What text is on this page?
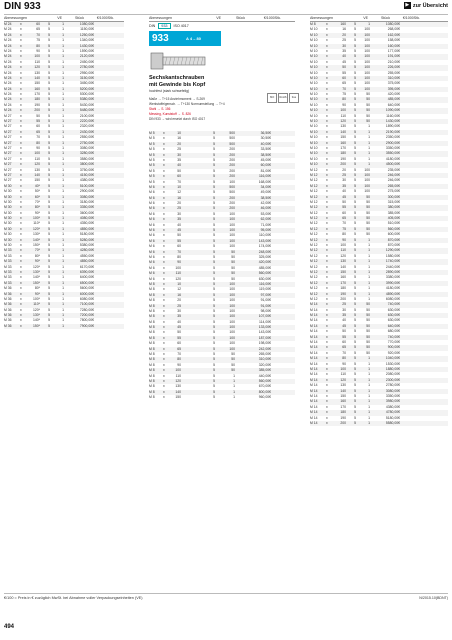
DIN 933	▶ zur Übersicht
Abmessungen	VE	Stück	€/1000Stk.
M 24	x	60	5	1	1080,00€
M 24	x	65	5	1	1150,00€
M 24	x	70	5	1	1250,00€
M 24	x	75	5	1	1340,00€
M 24	x	80	5	1	1430,00€
M 24	x	90	5	1	1590,00€
M 24	x	100	5	1	2120,00€
M 24	x	110	5	1	2450,00€
M 24	x	120	5	1	2780,00€
M 24	x	130	5	1	2950,00€
M 24	x	140	5	1	3150,00€
M 24	x	150	5	1	3450,00€
M 24	x	160	5	1	5200,00€
M 24	x	170	5	1	5300,00€
M 24	x	180	5	1	5380,00€
M 24	x	190	5	1	5430,00€
M 24	x	200	5	1	5480,00€
M 27	x	50	5	1	2100,00€
M 27	x	55	5	1	2220,00€
M 27	x	60	5	1	2320,00€
M 27	x	65	5	1	2430,00€
M 27	x	70	5	1	2550,00€
M 27	x	80	5	1	2750,00€
M 27	x	90	5	1	3080,00€
M 27	x	100	5	1	3280,00€
M 27	x	110	5	1	3580,00€
M 27	x	120	5	1	3800,00€
M 27	x	130	5	1	3750,00€
M 27	x	140	5	1	4150,00€
M 27	x	150	5	1	4380,00€
M 30	x	40*	5	1	5100,00€
M 30	x	50*	5	1	2900,00€
M 30	x	60*	5	1	3080,00€
M 30	x	70*	5	1	3180,00€
M 30	x	80*	5	1	3350,00€
M 30	x	90*	5	1	3600,00€
M 30	x	100*	5	1	4080,00€
M 30	x	110*	5	1	4350,00€
M 30	x	120*	5	1	4850,00€
M 30	x	130*	5	1	5180,00€
M 30	x	140*	5	1	5280,00€
M 30	x	150*	5	1	5380,00€
M 33	x	70*	5	1	4280,00€
M 33	x	80*	5	1	4550,00€
M 33	x	90*	5	1	4850,00€
M 33	x	120*	5	1	6170,00€
M 33	x	130*	5	1	6390,00€
M 33	x	140*	5	1	6400,00€
M 33	x	150*	5	1	6500,00€
M 36	x	80*	5	1	5600,00€
M 36	x	90*	5	1	6000,00€
M 36	x	100*	5	1	6080,00€
M 36	x	110*	5	1	7100,00€
M 36	x	120*	5	1	7280,00€
M 36	x	130*	5	1	7200,00€
M 36	x	140*	5	1	7800,00€
M 36	x	150*	5	1	7900,00€
Abmessungen	VE	Stück	€/1000Stk.
DIN	933	ISO 4017
933	A 4 – 80
Sechskantschrauben
mit Gewinde bis Kopf
hochfest (stark schwefelig)
Maße → T+15 Anziehmoment → S-269
Werkstoffeigensch. → T+130 Normumstellung → T+4
Stahl → S. 156
Messing, Kunststoff → S. 826
DIN 933 → wird ersetzt durch ISO 4017
ISO	RoHS	free
M 5	x	10	5	500	36,50€
M 5	x	16	5	500	30,50€
M 5	x	20	5	500	40,00€
M 5	x	25	5	200	33,50€
M 5	x	30	5	200	38,50€
M 5	x	35	5	200	45,00€
M 5	x	40	5	200	60,00€
M 5	x	50	5	200	81,00€
M 5	x	60	5	200	116,00€
M 5	x	70	5	100	168,00€
M 6	x	10	5	500	34,00€
M 6	x	12	5	500	49,00€
M 6	x	16	5	200	38,50€
M 6	x	20	5	200	42,00€
M 6	x	25	5	200	46,00€
M 6	x	30	5	100	53,00€
M 6	x	35	5	100	62,00€
M 6	x	40	5	100	71,00€
M 6	x	45	5	100	95,00€
M 6	x	50	5	100	110,00€
M 6	x	55	5	100	143,00€
M 6	x	60	5	100	174,00€
M 6	x	70	5	50	248,00€
M 6	x	80	5	50	325,00€
M 6	x	90	5	50	420,00€
M 6	x	100	5	50	485,00€
M 6	x	110	5	50	560,00€
M 6	x	120	5	50	630,00€
M 8	x	10	5	100	116,00€
M 8	x	12	5	100	119,00€
M 8	x	16	5	100	97,00€
M 8	x	20	5	100	91,00€
M 8	x	25	5	100	91,00€
M 8	x	30	5	100	98,00€
M 8	x	35	5	100	107,00€
M 8	x	40	5	100	114,00€
M 8	x	45	5	100	133,00€
M 8	x	50	5	100	143,00€
M 8	x	55	5	100	187,00€
M 8	x	60	5	100	198,00€
M 8	x	65	5	100	242,00€
M 8	x	70	5	50	265,00€
M 8	x	80	5	50	310,00€
M 8	x	90	5	50	320,00€
M 8	x	100	5	50	385,00€
M 8	x	110	5	1	440,00€
M 8	x	120	5	1	560,00€
M 8	x	130	5	1	670,00€
M 8	x	140	5	1	800,00€
M 8	x	150	5	1	960,00€
Abmessungen	VE	Stück	€/1000Stk.
M 8	x	160	5	1	1080,00€
M 10	x	16	5	100	268,00€
M 10	x	20	5	100	162,00€
M 10	x	25	5	100	158,00€
M 10	x	30	5	100	160,00€
M 10	x	35	5	100	177,00€
M 10	x	40	5	100	191,00€
M 10	x	45	5	100	210,00€
M 10	x	50	5	100	226,00€
M 10	x	55	5	100	255,00€
M 10	x	60	5	100	310,00€
M 10	x	65	5	100	375,00€
M 10	x	70	5	100	395,00€
M 10	x	75	5	50	420,00€
M 10	x	80	5	50	485,00€
M 10	x	90	5	50	640,00€
M 10	x	100	5	50	1090,00€
M 10	x	110	5	50	1160,00€
M 10	x	120	5	50	1430,00€
M 10	x	130	5	1	1890,00€
M 10	x	140	5	1	2190,00€
M 10	x	150	5	1	2350,00€
M 10	x	160	5	1	2900,00€
M 10	x	170	5	1	3350,00€
M 10	x	180	5	1	3550,00€
M 10	x	190	5	1	4180,00€
M 10	x	200	5	1	4500,00€
M 12	x	20	5	100	235,00€
M 12	x	25	5	100	246,00€
M 12	x	30	5	100	246,00€
M 12	x	35	5	100	265,00€
M 12	x	40	5	100	275,00€
M 12	x	45	5	50	300,00€
M 12	x	50	5	50	315,00€
M 12	x	55	5	50	380,00€
M 12	x	60	5	50	385,00€
M 12	x	65	5	50	405,00€
M 12	x	70	5	50	510,00€
M 12	x	75	5	50	560,00€
M 12	x	80	5	50	600,00€
M 12	x	90	5	1	870,00€
M 12	x	100	5	1	870,00€
M 12	x	110	5	1	1290,00€
M 12	x	120	5	1	1580,00€
M 12	x	130	5	1	1740,00€
M 12	x	140	5	1	2440,00€
M 12	x	150	5	1	2890,00€
M 12	x	160	5	1	3380,00€
M 12	x	170	5	1	3990,00€
M 12	x	180	5	1	4180,00€
M 12	x	190	5	1	4890,00€
M 12	x	200	5	1	6080,00€
M 14	x	25	5	50	740,00€
M 14	x	30	5	50	630,00€
M 14	x	35	5	50	630,00€
M 14	x	40	5	50	630,00€
M 14	x	45	5	50	640,00€
M 14	x	50	5	50	680,00€
M 14	x	55	5	50	740,00€
M 14	x	60	5	50	770,00€
M 14	x	65	5	50	900,00€
M 14	x	70	5	50	920,00€
M 14	x	80	5	1	1040,00€
M 14	x	90	5	1	1530,00€
M 14	x	100	5	1	1880,00€
M 14	x	110	5	1	2080,00€
M 14	x	120	5	1	2300,00€
M 14	x	130	5	1	2780,00€
M 14	x	140	5	1	3080,00€
M 14	x	150	5	1	3350,00€
M 14	x	160	5	1	3980,00€
M 14	x	170	5	1	4380,00€
M 14	x	180	5	1	4780,00€
M 14	x	190	5	1	5180,00€
M 14	x	200	5	1	5580,00€
€/100 = Preis in € zuzüglich MwSt. bei Abnahme voller Verpackungseinheiten (VE)	N/2015.10(BDNT)
494
